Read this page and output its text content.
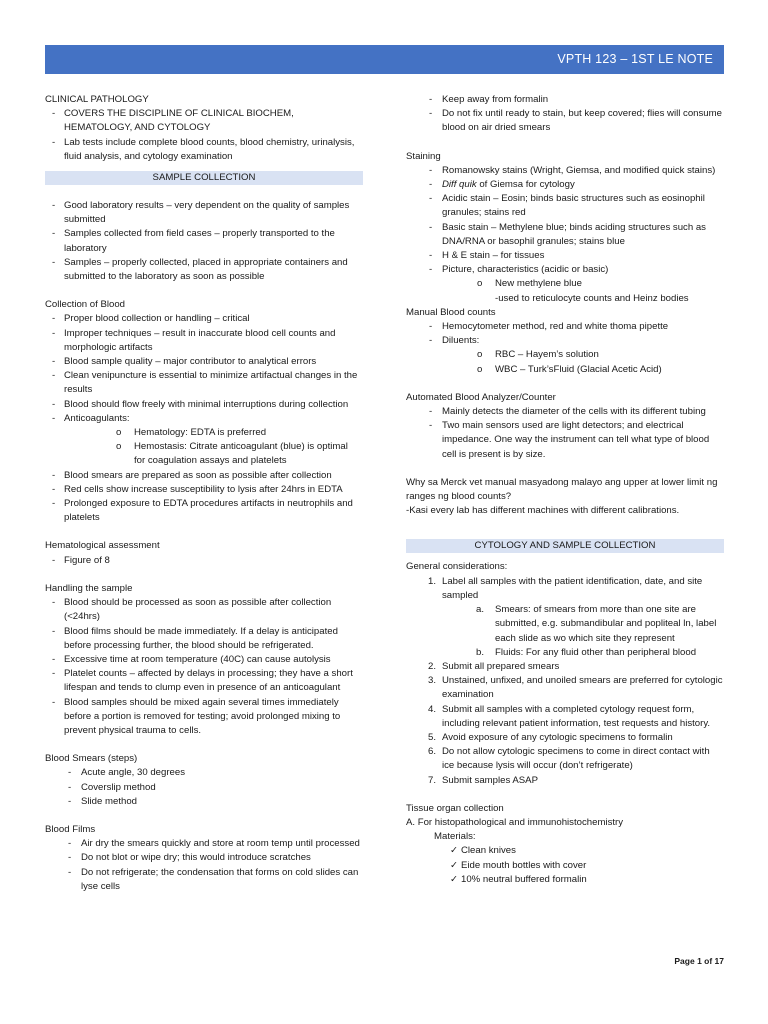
VPTH 123 – 1ST LE NOTE
CLINICAL PATHOLOGY
- COVERS THE DISCIPLINE OF CLINICAL BIOCHEM, HEMATOLOGY, AND CYTOLOGY
- Lab tests include complete blood counts, blood chemistry, urinalysis, fluid analysis, and cytology examination
SAMPLE COLLECTION
- Good laboratory results – very dependent on the quality of samples submitted
- Samples collected from field cases – properly transported to the laboratory
- Samples – properly collected, placed in appropriate containers and submitted to the laboratory as soon as possible
Collection of Blood
- Proper blood collection or handling – critical
- Improper techniques – result in inaccurate blood cell counts and morphologic artifacts
- Blood sample quality – major contributor to analytical errors
- Clean venipuncture is essential to minimize artifactual changes in the results
- Blood should flow freely with minimal interruptions during collection
- Anticoagulants:
o Hematology: EDTA is preferred
o Hemostasis: Citrate anticoagulant (blue) is optimal for coagulation assays and platelets
- Blood smears are prepared as soon as possible after collection
- Red cells show increase susceptibility to lysis after 24hrs in EDTA
- Prolonged exposure to EDTA procedures artifacts in neutrophils and platelets
Hematological assessment
- Figure of 8
Handling the sample
- Blood should be processed as soon as possible after collection (<24hrs)
- Blood films should be made immediately. If a delay is anticipated before processing further, the blood should be refrigerated.
- Excessive time at room temperature (40C) can cause autolysis
- Platelet counts – affected by delays in processing; they have a short lifespan and tends to clump even in presence of an anticoagulant
- Blood samples should be mixed again several times immediately before a portion is removed for testing; avoid prolonged mixing to prevent physical trauma to cells.
Blood Smears (steps)
- Acute angle, 30 degrees
- Coverslip method
- Slide method
Blood Films
- Air dry the smears quickly and store at room temp until processed
- Do not blot or wipe dry; this would introduce scratches
- Do not refrigerate; the condensation that forms on cold slides can lyse cells
- Keep away from formalin
- Do not fix until ready to stain, but keep covered; flies will consume blood on air dried smears
Staining
- Romanowsky stains (Wright, Giemsa, and modified quick stains)
- Diff quik of Giemsa for cytology
- Acidic stain – Eosin; binds basic structures such as eosinophil granules; stains red
- Basic stain – Methylene blue; binds aciding structures such as DNA/RNA or basophil granules; stains blue
- H & E stain – for tissues
- Picture, characteristics (acidic or basic)
o New methylene blue
-used to reticulocyte counts and Heinz bodies
Manual Blood counts
- Hemocytometer method, red and white thoma pipette
- Diluents:
o RBC – Hayem’s solution
o WBC – Turk’sFluid (Glacial Acetic Acid)
Automated Blood Analyzer/Counter
- Mainly detects the diameter of the cells with its different tubing
- Two main sensors used are light detectors; and electrical impedance. One way the instrument can tell what type of blood cell is present is by size.
Why sa Merck vet manual masyadong malayo ang upper at lower limit ng ranges ng blood counts?
-Kasi every lab has different machines with different calibrations.
CYTOLOGY AND SAMPLE COLLECTION
General considerations:
1. Label all samples with the patient identification, date, and site sampled
a. Smears: of smears from more than one site are submitted, e.g. submandibular and popliteal ln, label each slide as wo which site they represent
b. Fluids: For any fluid other than peripheral blood
2. Submit all prepared smears
3. Unstained, unfixed, and unoiled smears are preferred for cytologic examination
4. Submit all samples with a completed cytology request form, including relevant patient information, test requests and history.
5. Avoid exposure of any cytologic specimens to formalin
6. Do not allow cytologic specimens to come in direct contact with ice because lysis will occur (don’t refrigerate)
7. Submit samples ASAP
Tissue organ collection
A. For histopathological and immunohistochemistry
Materials:
✓ Clean knives
✓ Eide mouth bottles with cover
✓ 10% neutral buffered formalin
Page 1 of 17
